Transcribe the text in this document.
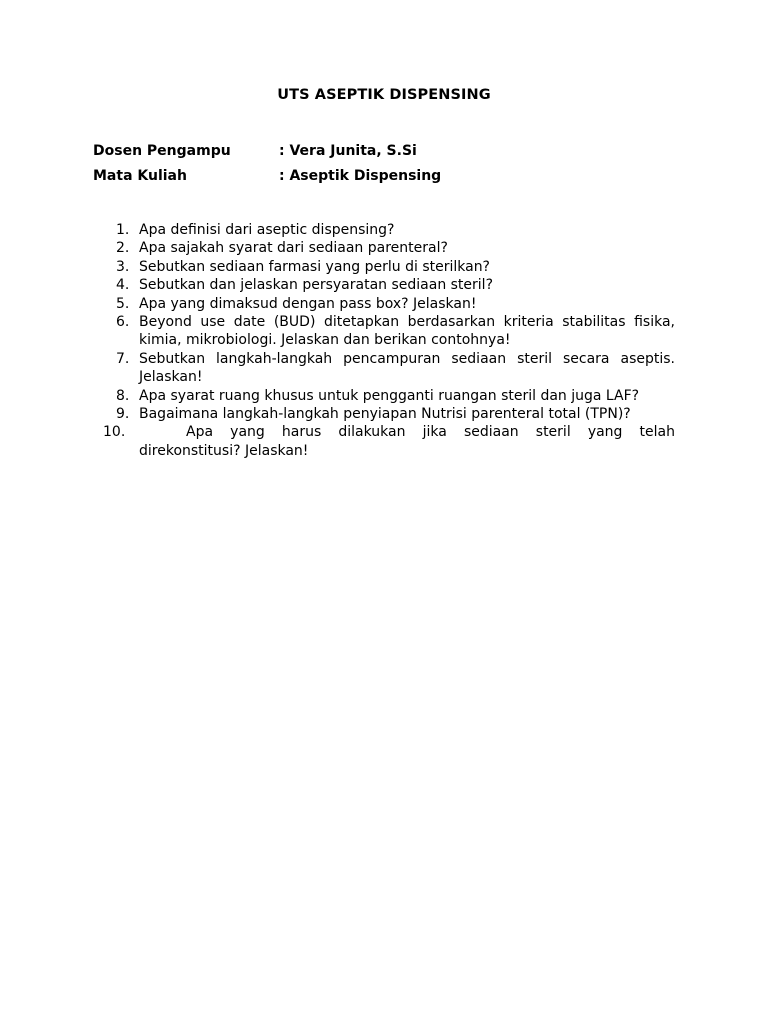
UTS ASEPTIK DISPENSING
Dosen Pengampu	: Vera Junita, S.Si
Mata Kuliah	: Aseptik Dispensing
1. Apa definisi dari aseptic dispensing?
2. Apa sajakah syarat dari sediaan parenteral?
3. Sebutkan sediaan farmasi yang perlu di sterilkan?
4. Sebutkan dan jelaskan persyaratan sediaan steril?
5. Apa yang dimaksud dengan pass box? Jelaskan!
6. Beyond use date (BUD) ditetapkan berdasarkan kriteria stabilitas fisika, kimia, mikrobiologi. Jelaskan dan berikan contohnya!
7. Sebutkan langkah-langkah pencampuran sediaan steril secara aseptis. Jelaskan!
8. Apa syarat ruang khusus untuk pengganti ruangan steril dan juga LAF?
9. Bagaimana langkah-langkah penyiapan Nutrisi parenteral total (TPN)?
10.	Apa yang harus dilakukan jika sediaan steril yang telah direkonstitusi? Jelaskan!
